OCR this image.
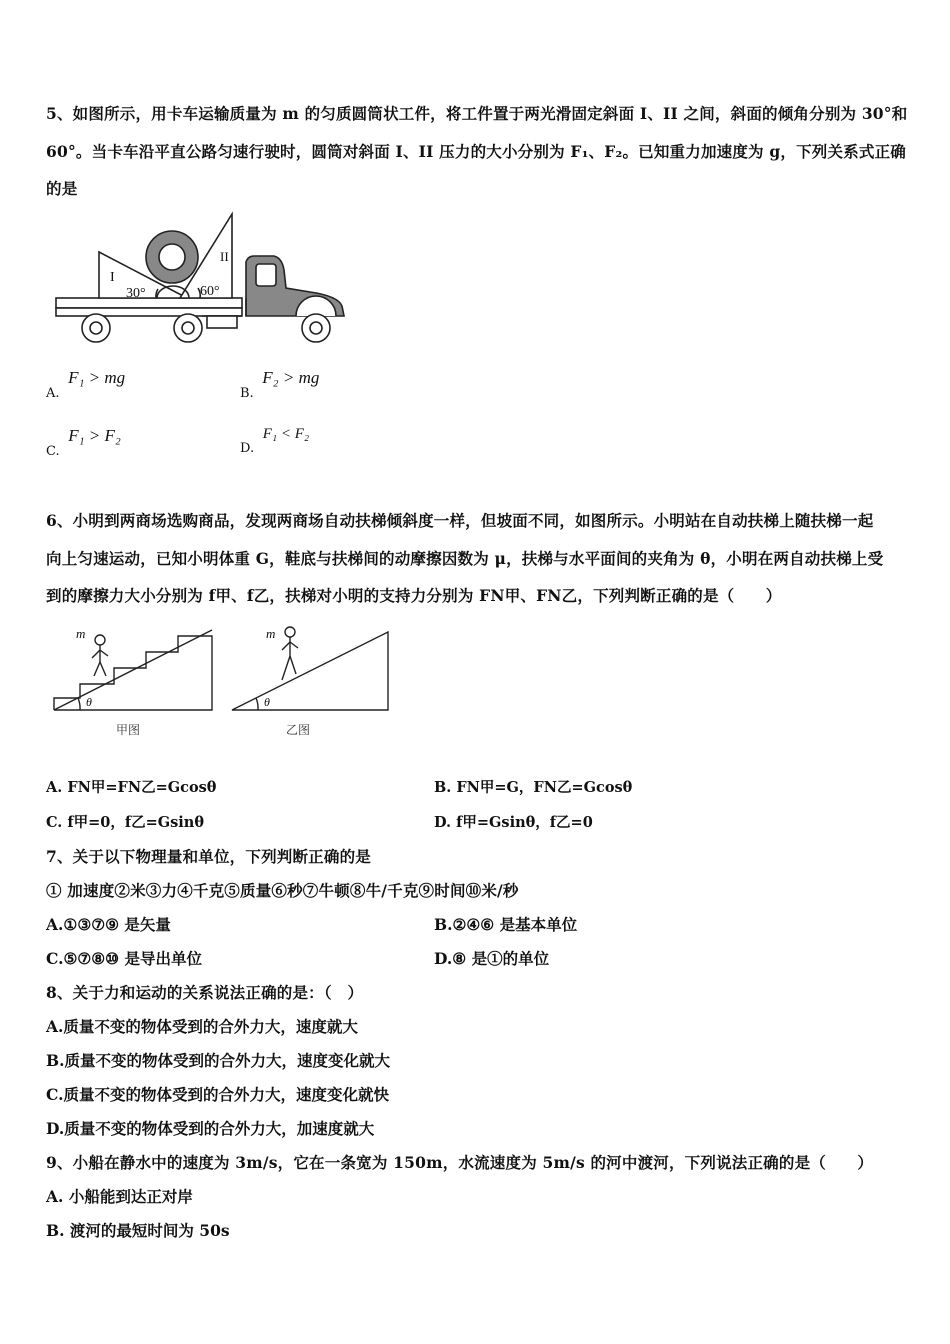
5、如图所示，用卡车运输质量为 m 的匀质圆筒状工件，将工件置于两光滑固定斜面 I、II 之间，斜面的倾角分别为 30°和
60°。当卡车沿平直公路匀速行驶时，圆筒对斜面 I、II 压力的大小分别为 F₁、F₂。已知重力加速度为 g，下列关系式正确
的是
I
II
30°	60°
A. F₁ > mg
B. F₂ > mg
C. F₁ > F₂
D. F₁ < F₂
6、小明到两商场选购商品，发现两商场自动扶梯倾斜度一样，但坡面不同，如图所示。小明站在自动扶梯上随扶梯一起
向上匀速运动，已知小明体重 G，鞋底与扶梯间的动摩擦因数为 μ，扶梯与水平面间的夹角为 θ，小明在两自动扶梯上受
到的摩擦力大小分别为 f甲、f乙，扶梯对小明的支持力分别为 FN甲、FN乙，下列判断正确的是（　　）
m	m
θ	θ
甲图	乙图
A. FN甲=FN乙=Gcosθ	B. FN甲=G，FN乙=Gcosθ
C. f甲=0，f乙=Gsinθ	D. f甲=Gsinθ，f乙=0
7、关于以下物理量和单位，下列判断正确的是
① 加速度②米③力④千克⑤质量⑥秒⑦牛顿⑧牛/千克⑨时间⑩米/秒
A.①③⑦⑨ 是矢量	B.②④⑥ 是基本单位
C.⑤⑦⑧⑩ 是导出单位	D.⑧ 是①的单位
8、关于力和运动的关系说法正确的是：（　）
A.质量不变的物体受到的合外力大，速度就大
B.质量不变的物体受到的合外力大，速度变化就大
C.质量不变的物体受到的合外力大，速度变化就快
D.质量不变的物体受到的合外力大，加速度就大
9、小船在静水中的速度为 3m/s，它在一条宽为 150m，水流速度为 5m/s 的河中渡河，下列说法正确的是（　　）
A. 小船能到达正对岸
B. 渡河的最短时间为 50s
